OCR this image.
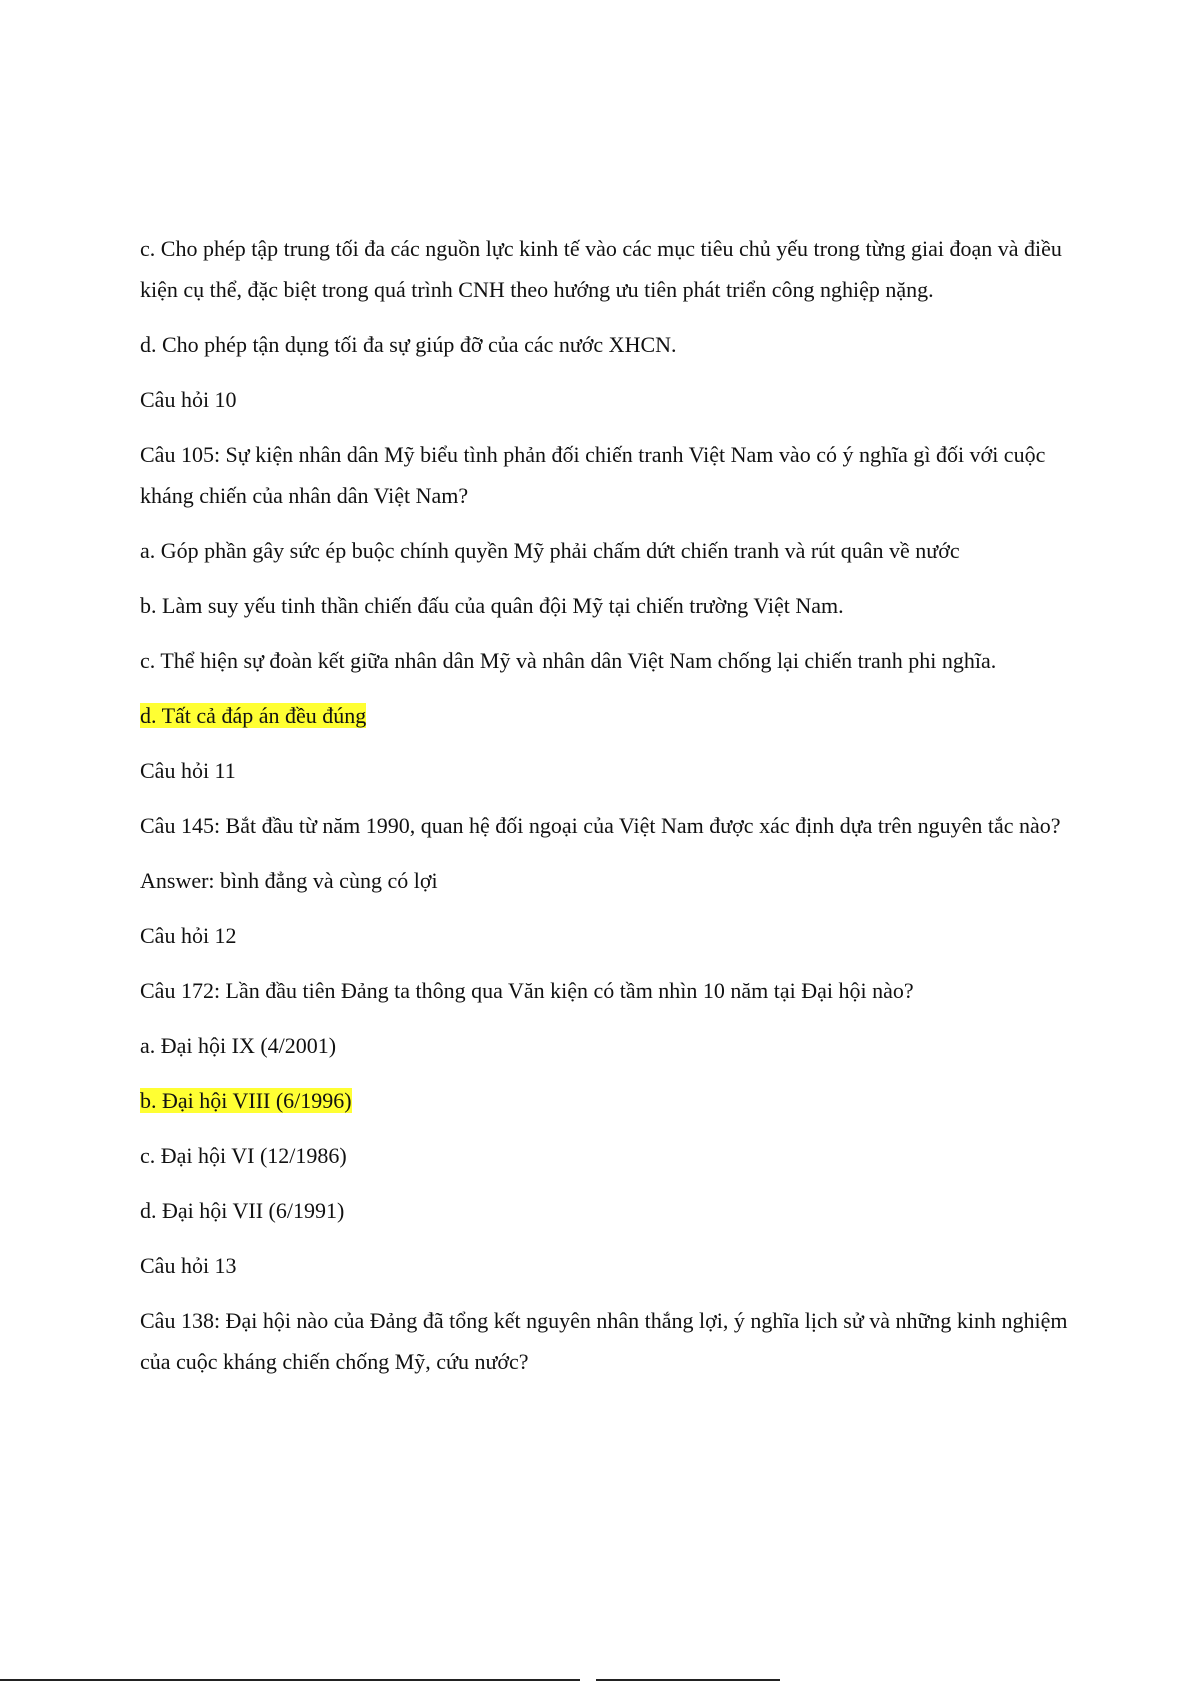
c. Cho phép tập trung tối đa các nguồn lực kinh tế vào các mục tiêu chủ yếu trong từng giai đoạn và điều kiện cụ thể, đặc biệt trong quá trình CNH theo hướng ưu tiên phát triển công nghiệp nặng.

d. Cho phép tận dụng tối đa sự giúp đỡ của các nước XHCN.

Câu hỏi 10

Câu 105: Sự kiện nhân dân Mỹ biểu tình phản đối chiến tranh Việt Nam vào có ý nghĩa gì đối với cuộc kháng chiến của nhân dân Việt Nam?

a. Góp phần gây sức ép buộc chính quyền Mỹ phải chấm dứt chiến tranh và rút quân về nước

b. Làm suy yếu tinh thần chiến đấu của quân đội Mỹ tại chiến trường Việt Nam.

c. Thể hiện sự đoàn kết giữa nhân dân Mỹ và nhân dân Việt Nam chống lại chiến tranh phi nghĩa.

d. Tất cả đáp án đều đúng

Câu hỏi 11

Câu 145: Bắt đầu từ năm 1990, quan hệ đối ngoại của Việt Nam được xác định dựa trên nguyên tắc nào?

Answer: bình đẳng và cùng có lợi

Câu hỏi 12

Câu 172: Lần đầu tiên Đảng ta thông qua Văn kiện có tầm nhìn 10 năm tại Đại hội nào?

a. Đại hội IX (4/2001)

b. Đại hội VIII (6/1996)

c. Đại hội VI (12/1986)

d. Đại hội VII (6/1991)

Câu hỏi 13

Câu 138: Đại hội nào của Đảng đã tổng kết nguyên nhân thắng lợi, ý nghĩa lịch sử và những kinh nghiệm của cuộc kháng chiến chống Mỹ, cứu nước?
